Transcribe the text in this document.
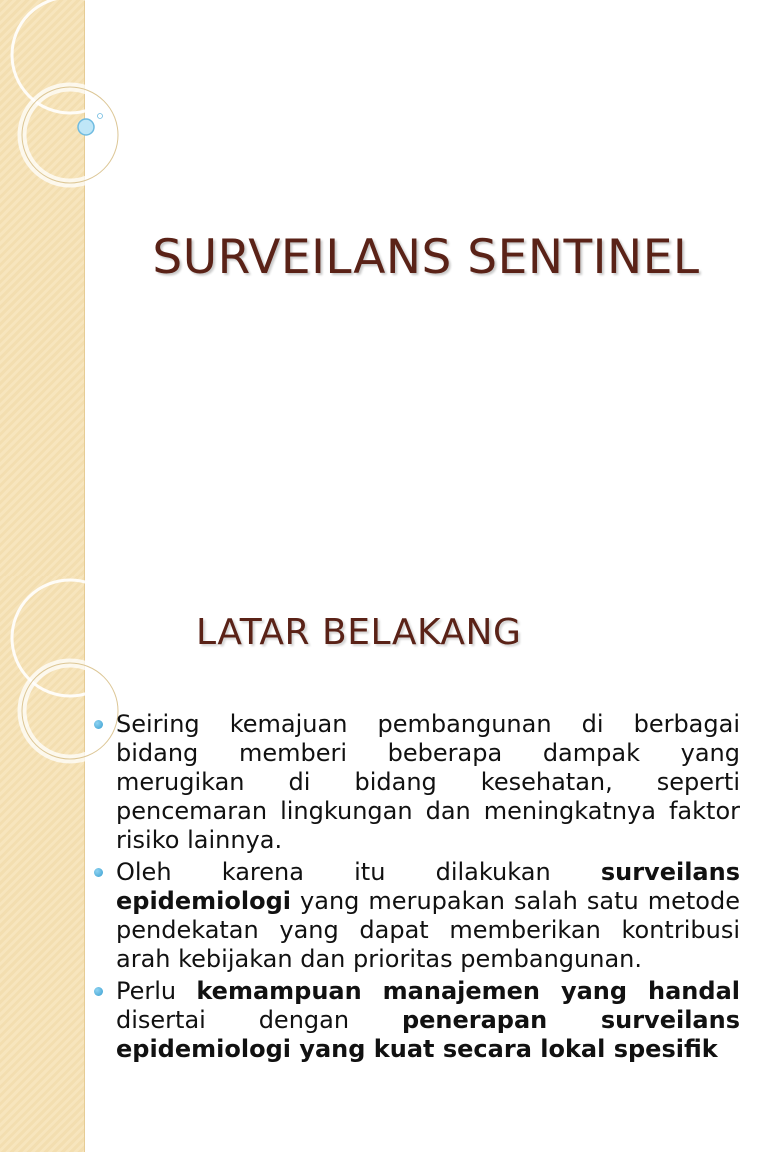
SURVEILANS SENTINEL
LATAR BELAKANG
Seiring kemajuan pembangunan di berbagai bidang memberi beberapa dampak yang merugikan di bidang kesehatan, seperti pencemaran lingkungan dan meningkatnya faktor risiko lainnya.
Oleh karena itu dilakukan surveilans epidemiologi yang merupakan salah satu metode pendekatan yang dapat memberikan kontribusi arah kebijakan dan prioritas pembangunan.
Perlu kemampuan manajemen yang handal disertai dengan penerapan surveilans epidemiologi yang kuat secara lokal spesifik
